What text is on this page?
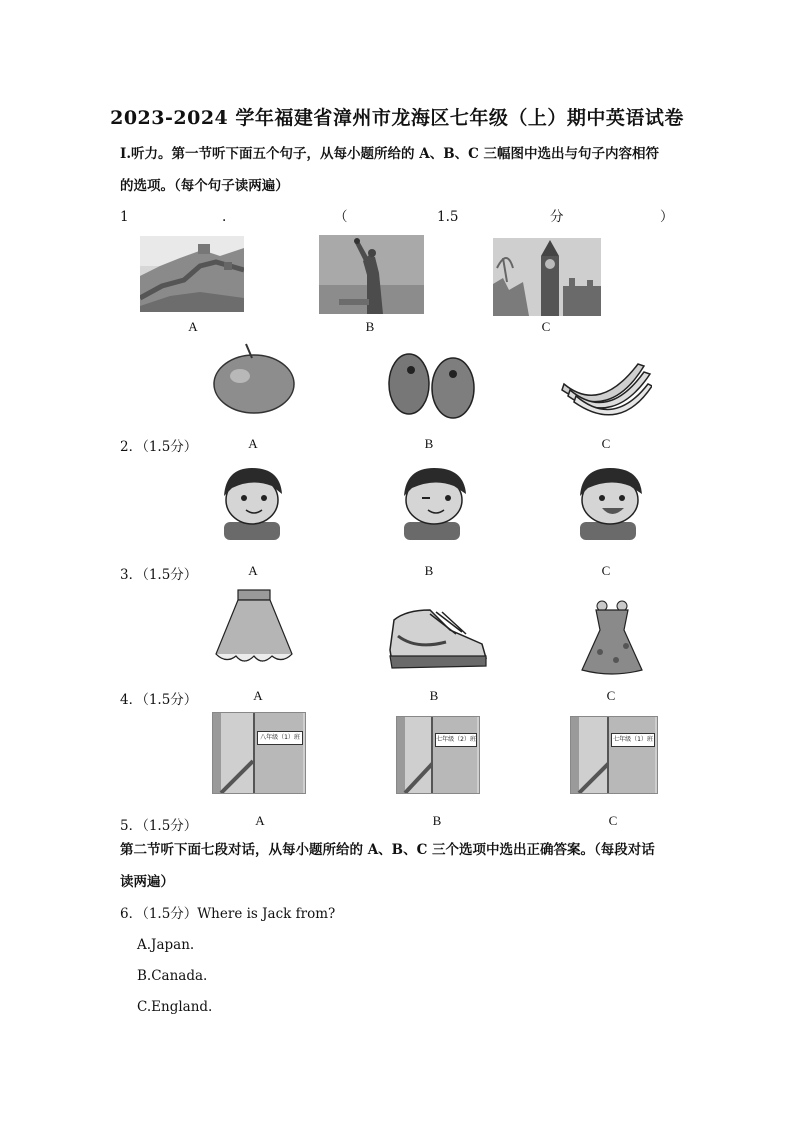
2023-2024 学年福建省漳州市龙海区七年级（上）期中英语试卷
I.听力。第一节听下面五个句子，从每小题所给的 A、B、C 三幅图中选出与句子内容相符
的选项。（每个句子读两遍）
1	.	（	1.5	分	）
A	B	C
2．（1.5分）	A	B	C
3．（1.5分）	A	B	C
4．（1.5分）	A	B	C
八年级（1）班	七年级（2）班	七年级（1）班
5．（1.5分）	A	B	C
第二节听下面七段对话，从每小题所给的 A、B、C 三个选项中选出正确答案。（每段对话
读两遍）
6．（1.5分）Where is Jack from?
A.Japan.
B.Canada.
C.England.
